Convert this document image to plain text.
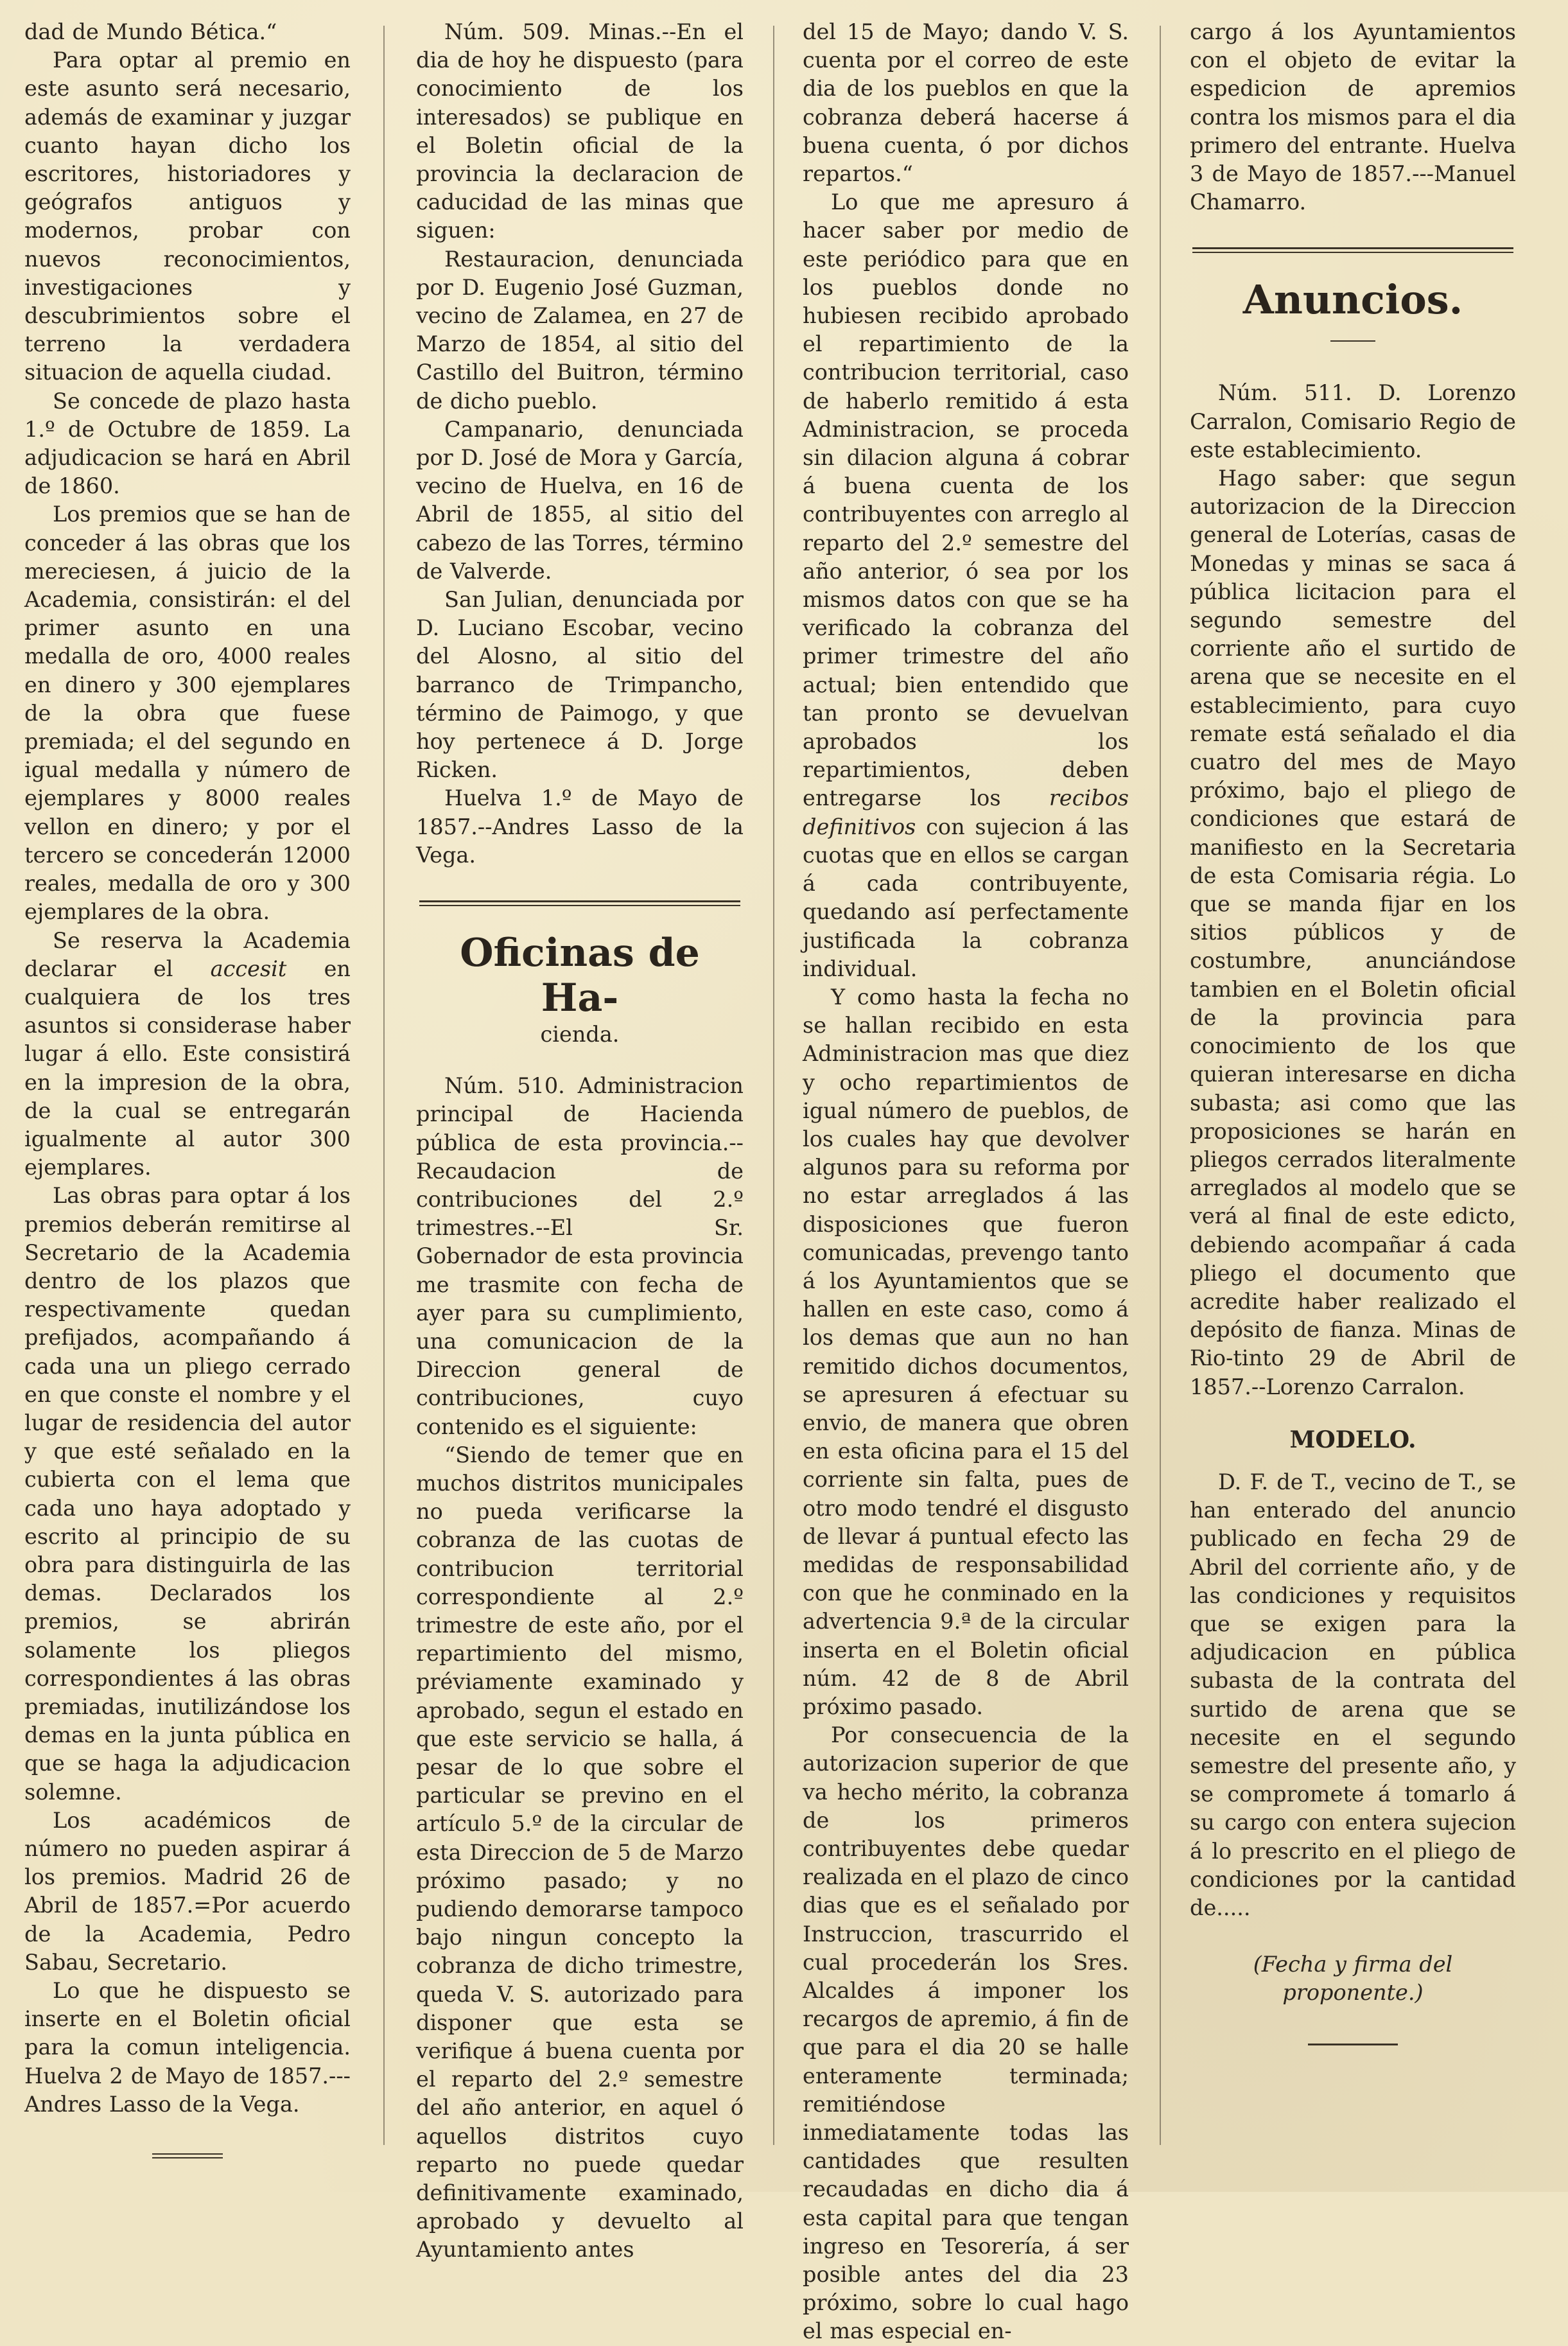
dad de Mundo Bética.“

Para optar al premio en este asunto será necesario, además de examinar y juzgar cuanto hayan dicho los escritores, historiadores y geógrafos antiguos y modernos, probar con nuevos reconocimientos, investigaciones y descubrimientos sobre el terreno la verdadera situacion de aquella ciudad.

Se concede de plazo hasta 1.º de Octubre de 1859. La adjudicacion se hará en Abril de 1860.

Los premios que se han de conceder á las obras que los mereciesen, á juicio de la Academia, consistirán: el del primer asunto en una medalla de oro, 4000 reales en dinero y 300 ejemplares de la obra que fuese premiada; el del segundo en igual medalla y número de ejemplares y 8000 reales vellon en dinero; y por el tercero se concederán 12000 reales, medalla de oro y 300 ejemplares de la obra.

Se reserva la Academia declarar el accesit en cualquiera de los tres asuntos si considerase haber lugar á ello. Este consistirá en la impresion de la obra, de la cual se entregarán igualmente al autor 300 ejemplares.

Las obras para optar á los premios deberán remitirse al Secretario de la Academia dentro de los plazos que respectivamente quedan prefijados, acompañando á cada una un pliego cerrado en que conste el nombre y el lugar de residencia del autor y que esté señalado en la cubierta con el lema que cada uno haya adoptado y escrito al principio de su obra para distinguirla de las demas. Declarados los premios, se abrirán solamente los pliegos correspondientes á las obras premiadas, inutilizándose los demas en la junta pública en que se haga la adjudicacion solemne.

Los académicos de número no pueden aspirar á los premios. Madrid 26 de Abril de 1857.=Por acuerdo de la Academia, Pedro Sabau, Secretario.

Lo que he dispuesto se inserte en el Boletin oficial para la comun inteligencia. Huelva 2 de Mayo de 1857.---Andres Lasso de la Vega.

Núm. 509. Minas.--En el dia de hoy he dispuesto (para conocimiento de los interesados) se publique en el Boletin oficial de la provincia la declaracion de caducidad de las minas que siguen:

Restauracion, denunciada por D. Eugenio José Guzman, vecino de Zalamea, en 27 de Marzo de 1854, al sitio del Castillo del Buitron, término de dicho pueblo.

Campanario, denunciada por D. José de Mora y García, vecino de Huelva, en 16 de Abril de 1855, al sitio del cabezo de las Torres, término de Valverde.

San Julian, denunciada por D. Luciano Escobar, vecino del Alosno, al sitio del barranco de Trimpancho, término de Paimogo, y que hoy pertenece á D. Jorge Ricken.

Huelva 1.º de Mayo de 1857.--Andres Lasso de la Vega.

Oficinas de Ha-
cienda.

Núm. 510. Administracion principal de Hacienda pública de esta provincia.--Recaudacion de contribuciones del 2.º trimestres.--El Sr. Gobernador de esta provincia me trasmite con fecha de ayer para su cumplimiento, una comunicacion de la Direccion general de contribuciones, cuyo contenido es el siguiente:

“Siendo de temer que en muchos distritos municipales no pueda verificarse la cobranza de las cuotas de contribucion territorial correspondiente al 2.º trimestre de este año, por el repartimiento del mismo, préviamente examinado y aprobado, segun el estado en que este servicio se halla, á pesar de lo que sobre el particular se previno en el artículo 5.º de la circular de esta Direccion de 5 de Marzo próximo pasado; y no pudiendo demorarse tampoco bajo ningun concepto la cobranza de dicho trimestre, queda V. S. autorizado para disponer que esta se verifique á buena cuenta por el reparto del 2.º semestre del año anterior, en aquel ó aquellos distritos cuyo reparto no puede quedar definitivamente examinado, aprobado y devuelto al Ayuntamiento antes

del 15 de Mayo; dando V. S. cuenta por el correo de este dia de los pueblos en que la cobranza deberá hacerse á buena cuenta, ó por dichos repartos.“

Lo que me apresuro á hacer saber por medio de este periódico para que en los pueblos donde no hubiesen recibido aprobado el repartimiento de la contribucion territorial, caso de haberlo remitido á esta Administracion, se proceda sin dilacion alguna á cobrar á buena cuenta de los contribuyentes con arreglo al reparto del 2.º semestre del año anterior, ó sea por los mismos datos con que se ha verificado la cobranza del primer trimestre del año actual; bien entendido que tan pronto se devuelvan aprobados los repartimientos, deben entregarse los recibos definitivos con sujecion á las cuotas que en ellos se cargan á cada contribuyente, quedando así perfectamente justificada la cobranza individual.

Y como hasta la fecha no se hallan recibido en esta Administracion mas que diez y ocho repartimientos de igual número de pueblos, de los cuales hay que devolver algunos para su reforma por no estar arreglados á las disposiciones que fueron comunicadas, prevengo tanto á los Ayuntamientos que se hallen en este caso, como á los demas que aun no han remitido dichos documentos, se apresuren á efectuar su envio, de manera que obren en esta oficina para el 15 del corriente sin falta, pues de otro modo tendré el disgusto de llevar á puntual efecto las medidas de responsabilidad con que he conminado en la advertencia 9.ª de la circular inserta en el Boletin oficial núm. 42 de 8 de Abril próximo pasado.

Por consecuencia de la autorizacion superior de que va hecho mérito, la cobranza de los primeros contribuyentes debe quedar realizada en el plazo de cinco dias que es el señalado por Instruccion, trascurrido el cual procederán los Sres. Alcaldes á imponer los recargos de apremio, á fin de que para el dia 20 se halle enteramente terminada; remitiéndose inmediatamente todas las cantidades que resulten recaudadas en dicho dia á esta capital para que tengan ingreso en Tesorería, á ser posible antes del dia 23 próximo, sobre lo cual hago el mas especial en-

cargo á los Ayuntamientos con el objeto de evitar la espedicion de apremios contra los mismos para el dia primero del entrante. Huelva 3 de Mayo de 1857.---Manuel Chamarro.

Anuncios.

Núm. 511. D. Lorenzo Carralon, Comisario Regio de este establecimiento.

Hago saber: que segun autorizacion de la Direccion general de Loterías, casas de Monedas y minas se saca á pública licitacion para el segundo semestre del corriente año el surtido de arena que se necesite en el establecimiento, para cuyo remate está señalado el dia cuatro del mes de Mayo próximo, bajo el pliego de condiciones que estará de manifiesto en la Secretaria de esta Comisaria régia. Lo que se manda fijar en los sitios públicos y de costumbre, anunciándose tambien en el Boletin oficial de la provincia para conocimiento de los que quieran interesarse en dicha subasta; asi como que las proposiciones se harán en pliegos cerrados literalmente arreglados al modelo que se verá al final de este edicto, debiendo acompañar á cada pliego el documento que acredite haber realizado el depósito de fianza. Minas de Rio-tinto 29 de Abril de 1857.--Lorenzo Carralon.

MODELO.

D. F. de T., vecino de T., se han enterado del anuncio publicado en fecha 29 de Abril del corriente año, y de las condiciones y requisitos que se exigen para la adjudicacion en pública subasta de la contrata del surtido de arena que se necesite en el segundo semestre del presente año, y se compromete á tomarlo á su cargo con entera sujecion á lo prescrito en el pliego de condiciones por la cantidad de.....

(Fecha y firma del proponente.)
